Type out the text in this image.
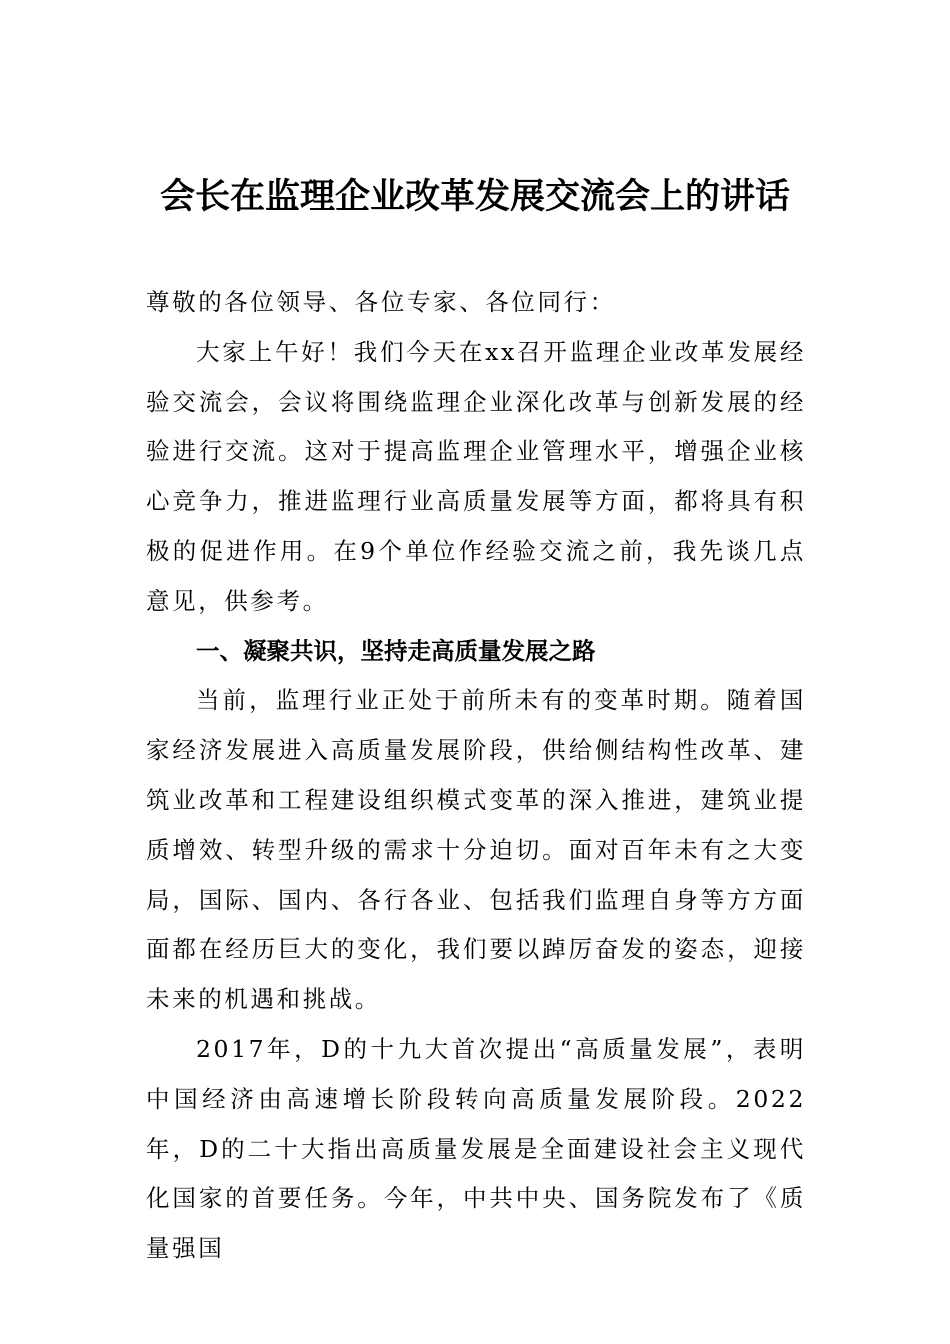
会长在监理企业改革发展交流会上的讲话

尊敬的各位领导、各位专家、各位同行：

大家上午好！我们今天在xx召开监理企业改革发展经验交流会，会议将围绕监理企业深化改革与创新发展的经验进行交流。这对于提高监理企业管理水平，增强企业核心竞争力，推进监理行业高质量发展等方面，都将具有积极的促进作用。在9个单位作经验交流之前，我先谈几点意见，供参考。

一、凝聚共识，坚持走高质量发展之路

当前，监理行业正处于前所未有的变革时期。随着国家经济发展进入高质量发展阶段，供给侧结构性改革、建筑业改革和工程建设组织模式变革的深入推进，建筑业提质增效、转型升级的需求十分迫切。面对百年未有之大变局，国际、国内、各行各业、包括我们监理自身等方方面面都在经历巨大的变化，我们要以踔厉奋发的姿态，迎接未来的机遇和挑战。

2017年，D的十九大首次提出“高质量发展”，表明中国经济由高速增长阶段转向高质量发展阶段。2022年，D的二十大指出高质量发展是全面建设社会主义现代化国家的首要任务。今年，中共中央、国务院发布了《质量强国
